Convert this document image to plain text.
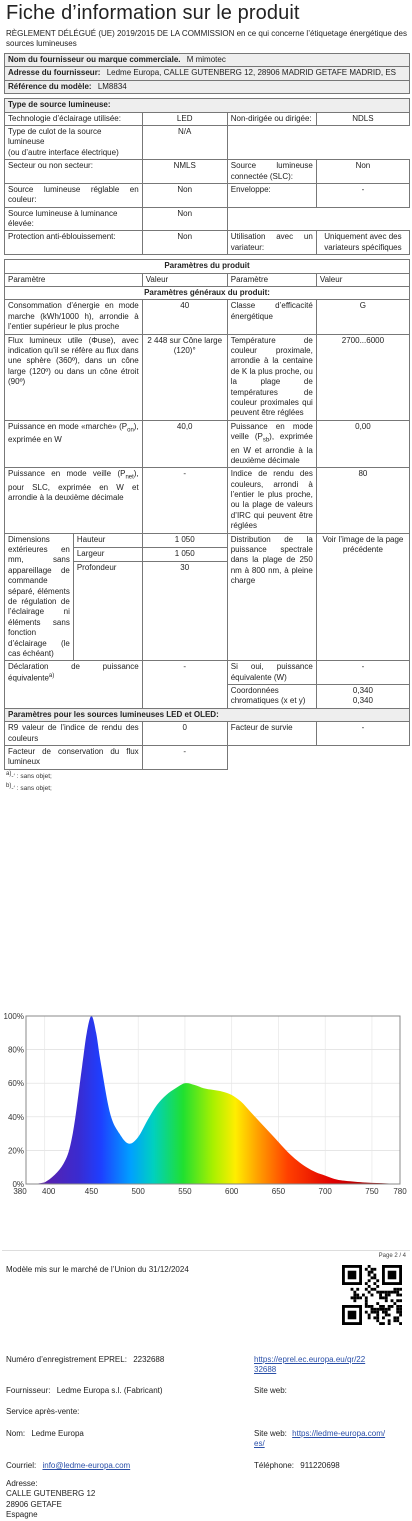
Fiche d’information sur le produit
RÈGLEMENT DÉLÉGUÉ (UE) 2019/2015 DE LA COMMISSION en ce qui concerne l’étiquetage énergétique des sources lumineuses
Nom du fournisseur ou marque commerciale. M mimotec
Adresse du fournisseur: Ledme Europa, CALLE GUTENBERG 12, 28906 MADRID GETAFE MADRID, ES
Référence du modèle: LM8834
Type de source lumineuse:			
Technologie d’éclairage utilisée:	LED	Non-dirigée ou dirigée:	NDLS

Type de culot de la source lumineuse
(ou d’autre interface électrique)	N/A		
Secteur ou non secteur:	NMLS	Source lumineuse connectée (SLC):	Non
Source lumineuse réglable en couleur:	Non	Enveloppe:	-
Source lumineuse à luminance élevée:	Non		
Protection anti-éblouissement:	Non	Utilisation avec un variateur:	Uniquement avec des variateurs spécifiques
Paramètres du produit				
Paramètre		Valeur	Paramètre	Valeur
Paramètres généraux du produit:				
Consommation d’énergie en mode marche (kWh/1000 h), arrondie à l’entier supérieur le plus proche		40	Classe d’efficacité énergétique	G
Flux lumineux utile (Φuse), avec indication qu’il se réfère au flux dans une sphère (360º), dans un cône large (120º) ou dans un cône étroit (90º)		2 448 sur Cône large (120)°	Température de couleur proximale, arrondie à la centaine de K la plus proche, ou la plage de températures de couleur proximales qui peuvent être réglées	2700...6000
Puissance en mode «marche» $(P_{on})$, exprimée en W		40,0	Puissance en mode veille $(P_{sb})$, exprimée en W et arrondie à la deuxième décimale	0,00
Puissance en mode veille $(P_{net})$, pour SLC, exprimée en W et arrondie à la deuxième décimale		-	Indice de rendu des couleurs, arrondi à l’entier le plus proche, ou la plage de valeurs d’IRC qui peuvent être réglées	80
Dimensions extérieures en mm, sans appareillage de commande séparé, éléments de régulation de l’éclairage ni éléments sans fonction d’éclairage (le cas échéant)	Hauteur	1 050	Distribution de la puissance spectrale dans la plage de 250 nm à 800 nm, à pleine charge	Voir l’image de la page précédente
	Largeur	1 050		
	Profondeur	30		
Déclaration de puissance équivalente$^{a)}$		-	Si oui, puissance équivalente (W)	-
			Coordonnées chromatiques (x et y)	0,340
0,340

Paramètres pour les sources lumineuses LED et OLED:				
R9 valeur de l’indice de rendu des couleurs		0	Facteur de survie	-
Facteur de conservation du flux lumineux		-		
$^{a)}$-‘ : sans objet;
$^{b)}$-‘ : sans objet;
0%
20%
40%
60%
80%
100%
380 400	450	500	550	600	650	700	750 780
Page 2 / 4
Modèle mis sur le marché de l’Union du 31/12/2024
Numéro d’enregistrement EPREL: 2232688	https://eprel.ec.europa.eu/qr/22
32688
Fournisseur: Ledme Europa s.l. (Fabricant)	Site web:
Service après-vente:
Nom: Ledme Europa	Site web: https://ledme-europa.com/
es/
Courriel: info@ledme-europa.com	Téléphone: 911220698
Adresse:
CALLE GUTENBERG 12
28906 GETAFE
Espagne
